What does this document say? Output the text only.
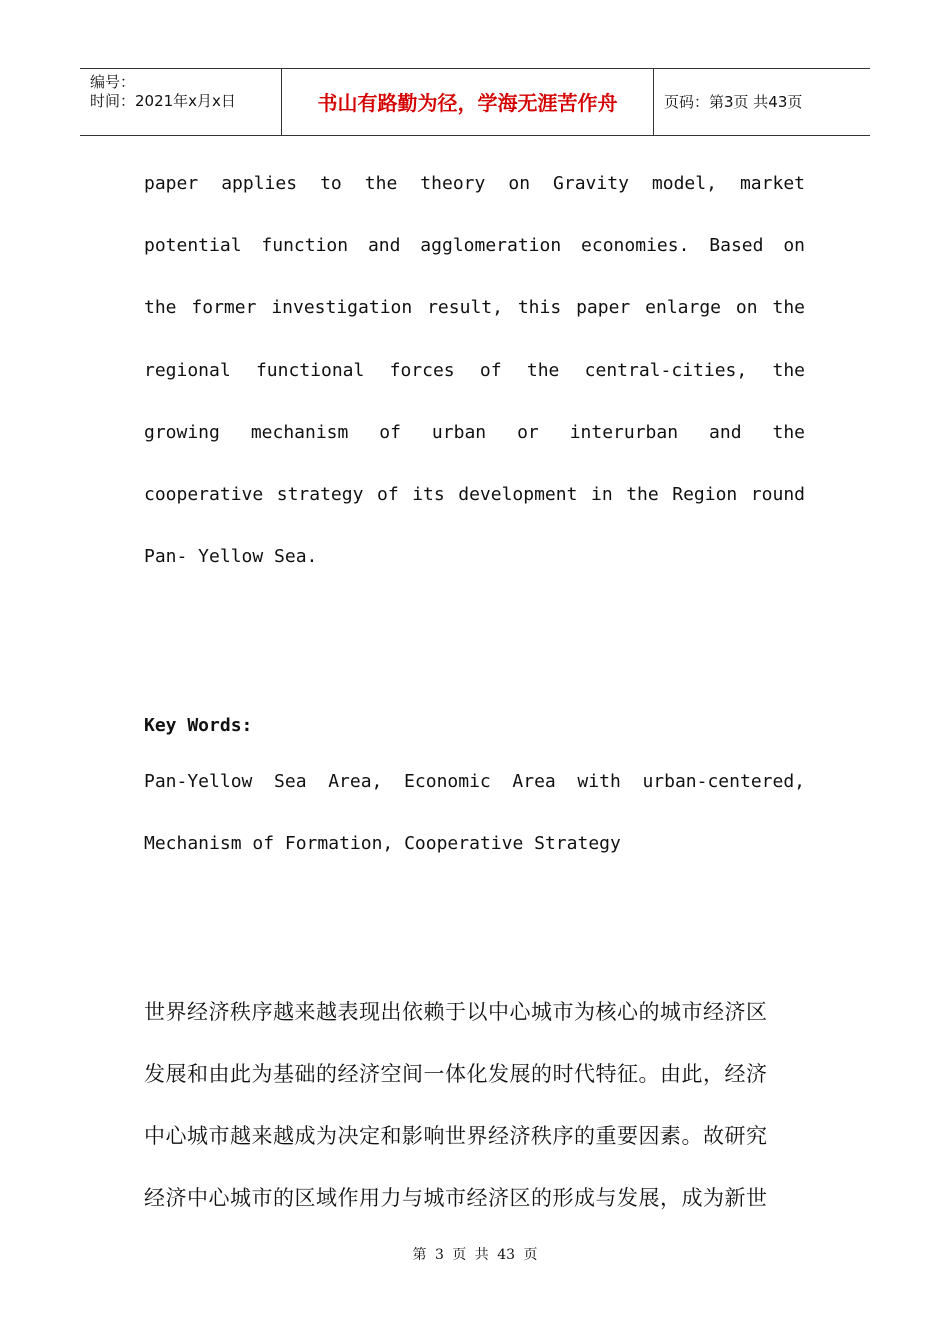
编号：
时间：2021年x月x日	书山有路勤为径，学海无涯苦作舟	页码：第3页 共43页
paper applies to the theory on Gravity model, market
potential function and agglomeration economies. Based on
the former investigation result, this paper enlarge on the
regional functional forces of the central-cities, the
growing mechanism of urban or interurban and the
cooperative strategy of its development in the Region round
Pan- Yellow Sea.
Key Words:
Pan-Yellow Sea Area, Economic Area with urban-centered,
Mechanism of Formation, Cooperative Strategy
世界经济秩序越来越表现出依赖于以中心城市为核心的城市经济区
发展和由此为基础的经济空间一体化发展的时代特征。由此，经济
中心城市越来越成为决定和影响世界经济秩序的重要因素。故研究
经济中心城市的区域作用力与城市经济区的形成与发展，成为新世
第 3 页 共 43 页
